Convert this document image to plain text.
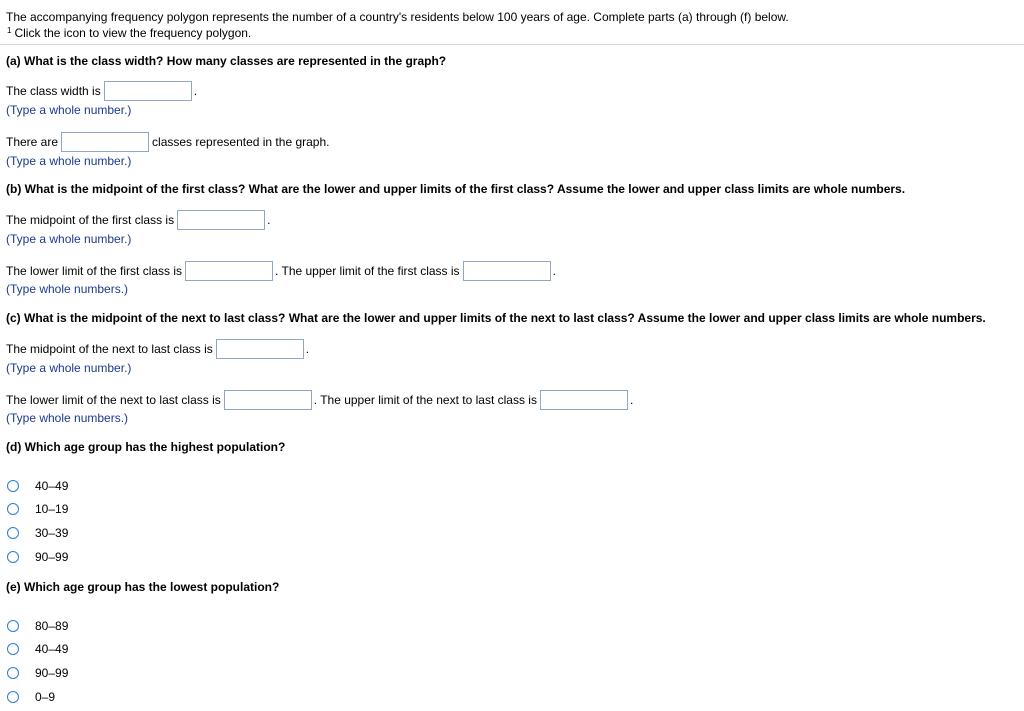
The accompanying frequency polygon represents the number of a country's residents below 100 years of age. Complete parts (a) through (f) below.
$^1$ Click the icon to view the frequency polygon.
(a) What is the class width? How many classes are represented in the graph?
The class width is	.
(Type a whole number.)
There are	classes represented in the graph.
(Type a whole number.)
(b) What is the midpoint of the first class? What are the lower and upper limits of the first class? Assume the lower and upper class limits are whole numbers.
The midpoint of the first class is	.
(Type a whole number.)
The lower limit of the first class is	. The upper limit of the first class is	.
(Type whole numbers.)
(c) What is the midpoint of the next to last class? What are the lower and upper limits of the next to last class? Assume the lower and upper class limits are whole numbers.
The midpoint of the next to last class is	.
(Type a whole number.)
The lower limit of the next to last class is	. The upper limit of the next to last class is	.
(Type whole numbers.)
(d) Which age group has the highest population?
40–49
10–19
30–39
90–99
(e) Which age group has the lowest population?
80–89
40–49
90–99
0–9
